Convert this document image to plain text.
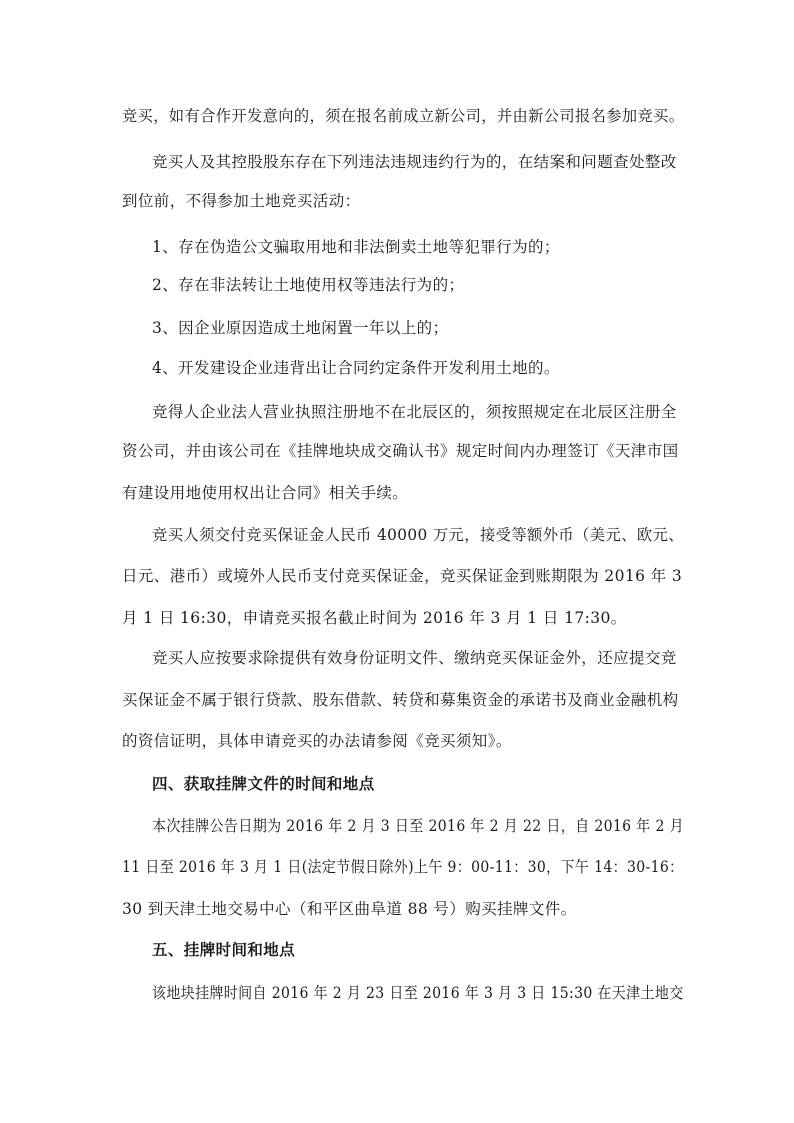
竞买，如有合作开发意向的，须在报名前成立新公司，并由新公司报名参加竞买。
竞买人及其控股股东存在下列违法违规违约行为的，在结案和问题查处整改
到位前，不得参加土地竞买活动：
1、存在伪造公文骗取用地和非法倒卖土地等犯罪行为的；
2、存在非法转让土地使用权等违法行为的；
3、因企业原因造成土地闲置一年以上的；
4、开发建设企业违背出让合同约定条件开发利用土地的。
竞得人企业法人营业执照注册地不在北辰区的，须按照规定在北辰区注册全
资公司，并由该公司在《挂牌地块成交确认书》规定时间内办理签订《天津市国
有建设用地使用权出让合同》相关手续。
竞买人须交付竞买保证金人民币 40000 万元，接受等额外币（美元、欧元、
日元、港币）或境外人民币支付竞买保证金，竞买保证金到账期限为 2016 年 3
月 1 日 16:30，申请竞买报名截止时间为 2016 年 3 月 1 日 17:30。
竞买人应按要求除提供有效身份证明文件、缴纳竞买保证金外，还应提交竞
买保证金不属于银行贷款、股东借款、转贷和募集资金的承诺书及商业金融机构
的资信证明，具体申请竞买的办法请参阅《竞买须知》。
四、获取挂牌文件的时间和地点
本次挂牌公告日期为 2016 年 2 月 3 日至 2016 年 2 月 22 日，自 2016 年 2 月
11 日至 2016 年 3 月 1 日(法定节假日除外)上午 9：00-11：30，下午 14：30-16：
30 到天津土地交易中心（和平区曲阜道 88 号）购买挂牌文件。
五、挂牌时间和地点
该地块挂牌时间自 2016 年 2 月 23 日至 2016 年 3 月 3 日 15:30 在天津土地交
